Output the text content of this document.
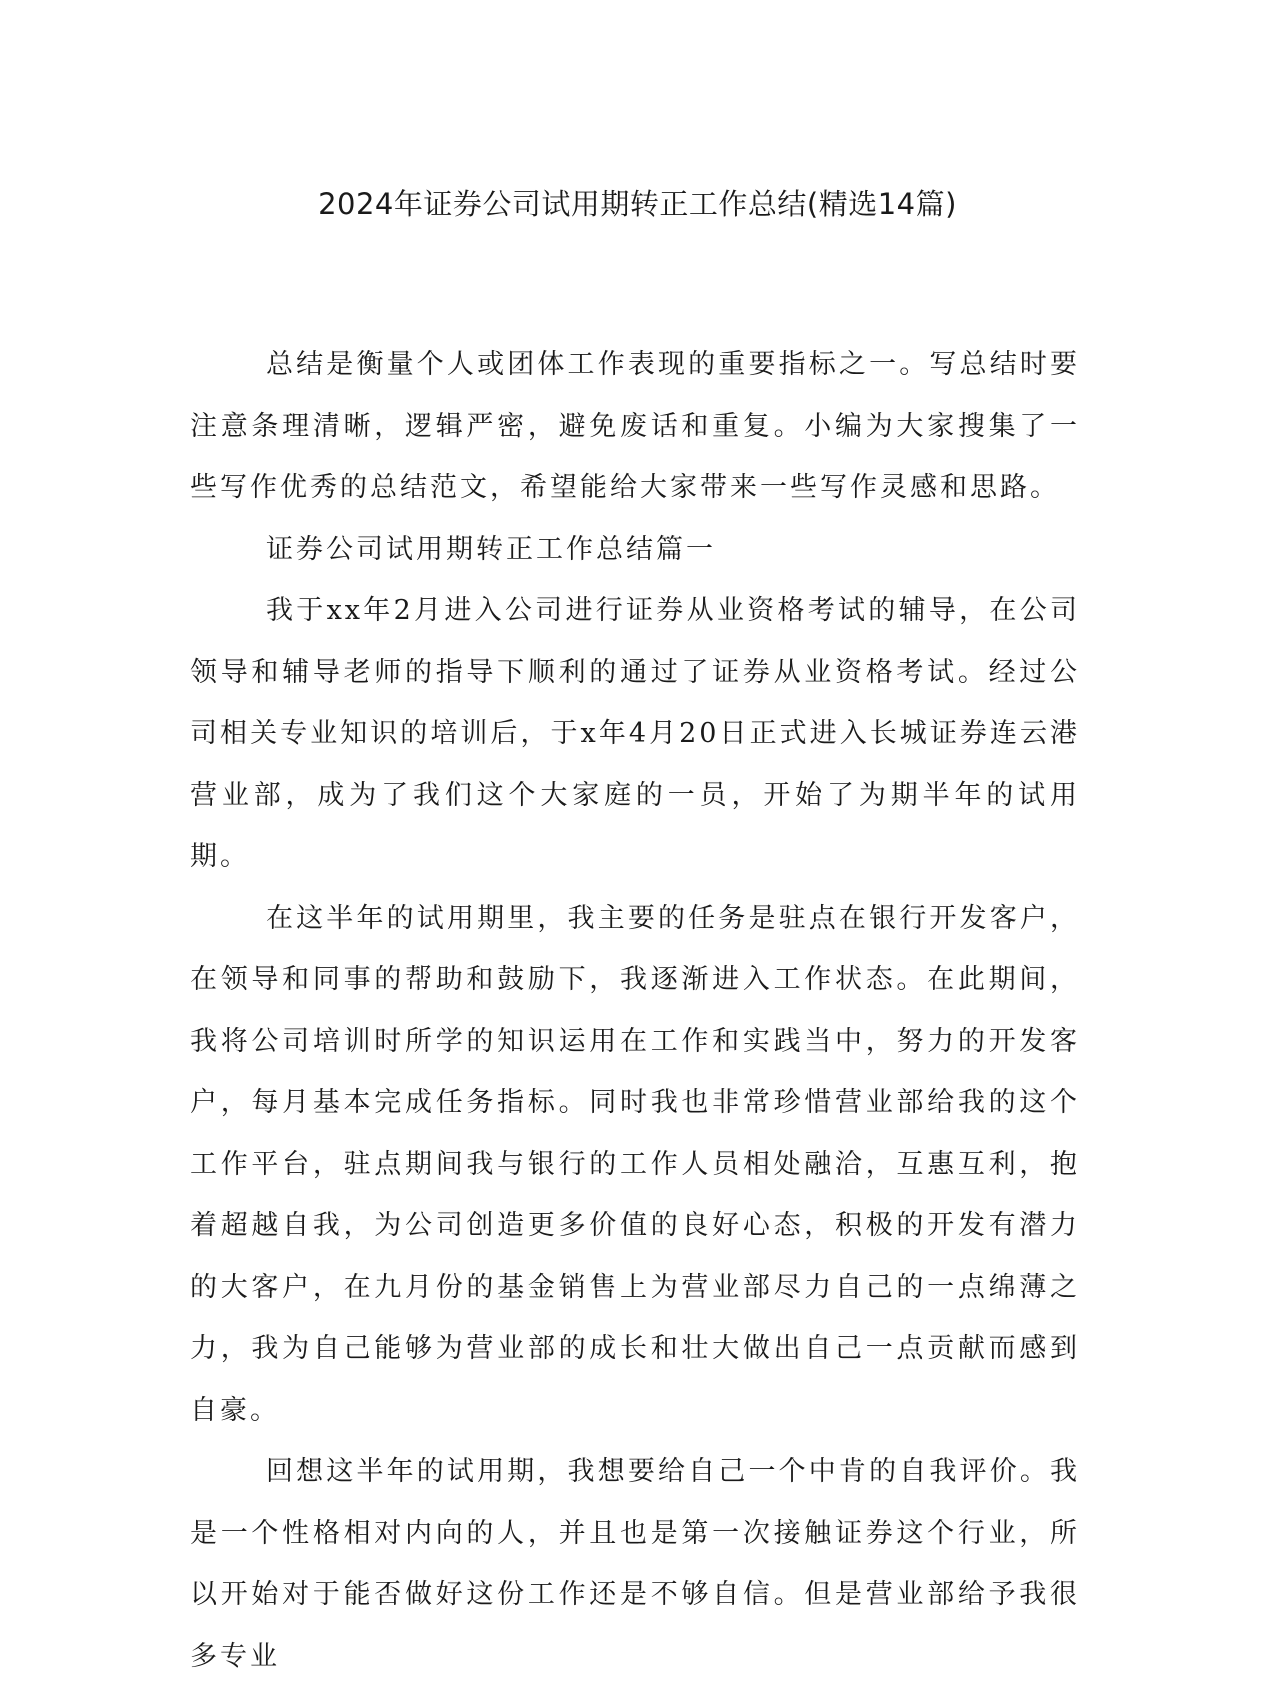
2024年证券公司试用期转正工作总结(精选14篇)

总结是衡量个人或团体工作表现的重要指标之一。写总结时要注意条理清晰，逻辑严密，避免废话和重复。小编为大家搜集了一些写作优秀的总结范文，希望能给大家带来一些写作灵感和思路。

证券公司试用期转正工作总结篇一

我于xx年2月进入公司进行证券从业资格考试的辅导，在公司领导和辅导老师的指导下顺利的通过了证券从业资格考试。经过公司相关专业知识的培训后，于x年4月20日正式进入长城证券连云港营业部，成为了我们这个大家庭的一员，开始了为期半年的试用期。

在这半年的试用期里，我主要的任务是驻点在银行开发客户，在领导和同事的帮助和鼓励下，我逐渐进入工作状态。在此期间，我将公司培训时所学的知识运用在工作和实践当中，努力的开发客户，每月基本完成任务指标。同时我也非常珍惜营业部给我的这个工作平台，驻点期间我与银行的工作人员相处融洽，互惠互利，抱着超越自我，为公司创造更多价值的良好心态，积极的开发有潜力的大客户，在九月份的基金销售上为营业部尽力自己的一点绵薄之力，我为自己能够为营业部的成长和壮大做出自己一点贡献而感到自豪。

回想这半年的试用期，我想要给自己一个中肯的自我评价。我是一个性格相对内向的人，并且也是第一次接触证券这个行业，所以开始对于能否做好这份工作还是不够自信。但是营业部给予我很多专业
